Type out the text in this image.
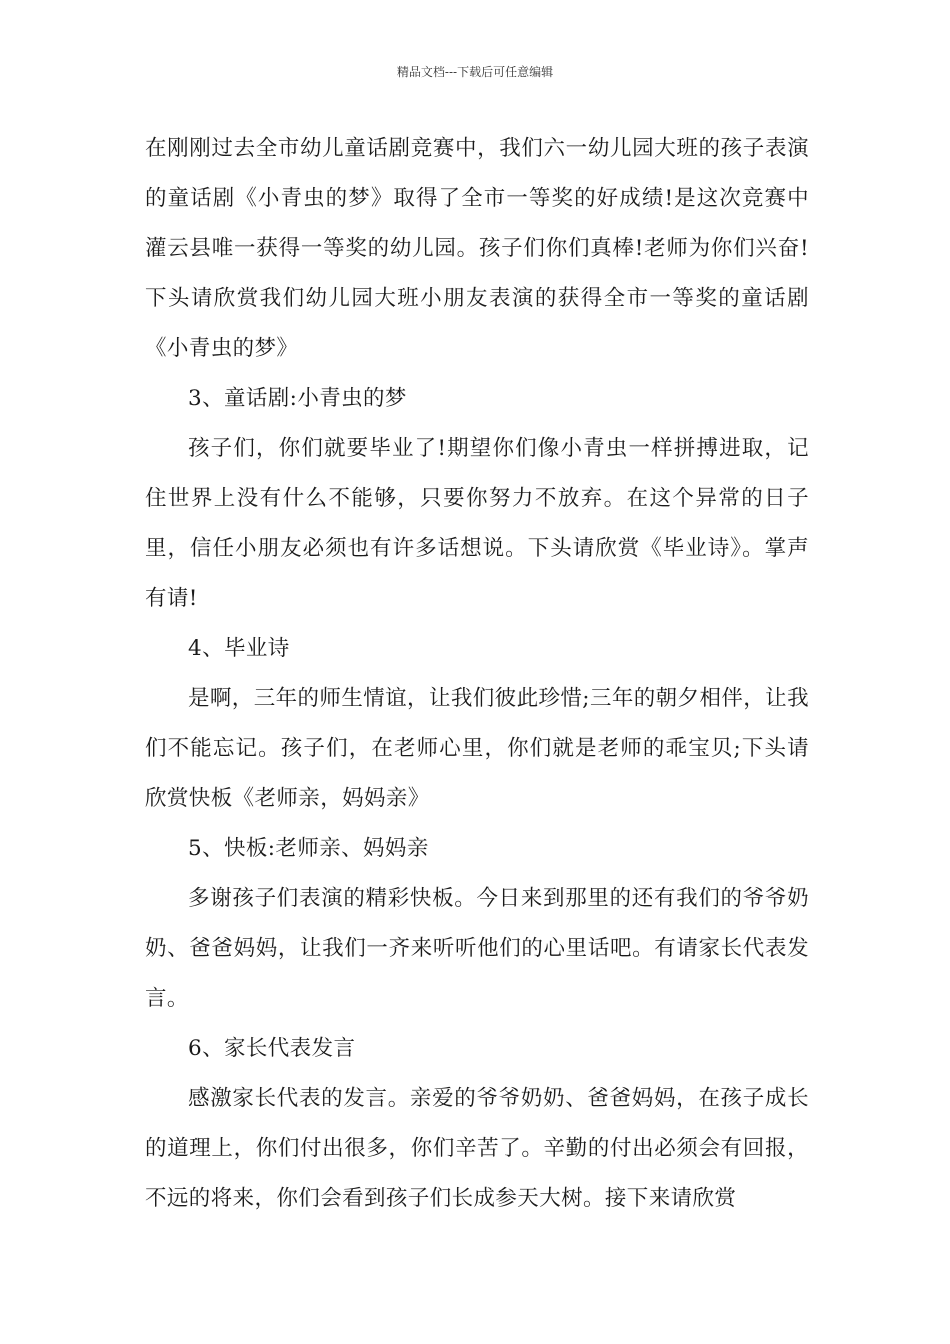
精品文档---下载后可任意编辑

在刚刚过去全市幼儿童话剧竞赛中，我们六一幼儿园大班的孩子表演的童话剧《小青虫的梦》取得了全市一等奖的好成绩!是这次竞赛中灌云县唯一获得一等奖的幼儿园。孩子们你们真棒!老师为你们兴奋!下头请欣赏我们幼儿园大班小朋友表演的获得全市一等奖的童话剧《小青虫的梦》

3、童话剧:小青虫的梦

孩子们，你们就要毕业了!期望你们像小青虫一样拼搏进取，记住世界上没有什么不能够，只要你努力不放弃。在这个异常的日子里，信任小朋友必须也有许多话想说。下头请欣赏《毕业诗》。掌声有请!

4、毕业诗

是啊，三年的师生情谊，让我们彼此珍惜;三年的朝夕相伴，让我们不能忘记。孩子们，在老师心里，你们就是老师的乖宝贝;下头请欣赏快板《老师亲，妈妈亲》

5、快板:老师亲、妈妈亲

多谢孩子们表演的精彩快板。今日来到那里的还有我们的爷爷奶奶、爸爸妈妈，让我们一齐来听听他们的心里话吧。有请家长代表发言。

6、家长代表发言

感激家长代表的发言。亲爱的爷爷奶奶、爸爸妈妈，在孩子成长的道理上，你们付出很多，你们辛苦了。辛勤的付出必须会有回报，不远的将来，你们会看到孩子们长成参天大树。接下来请欣赏
